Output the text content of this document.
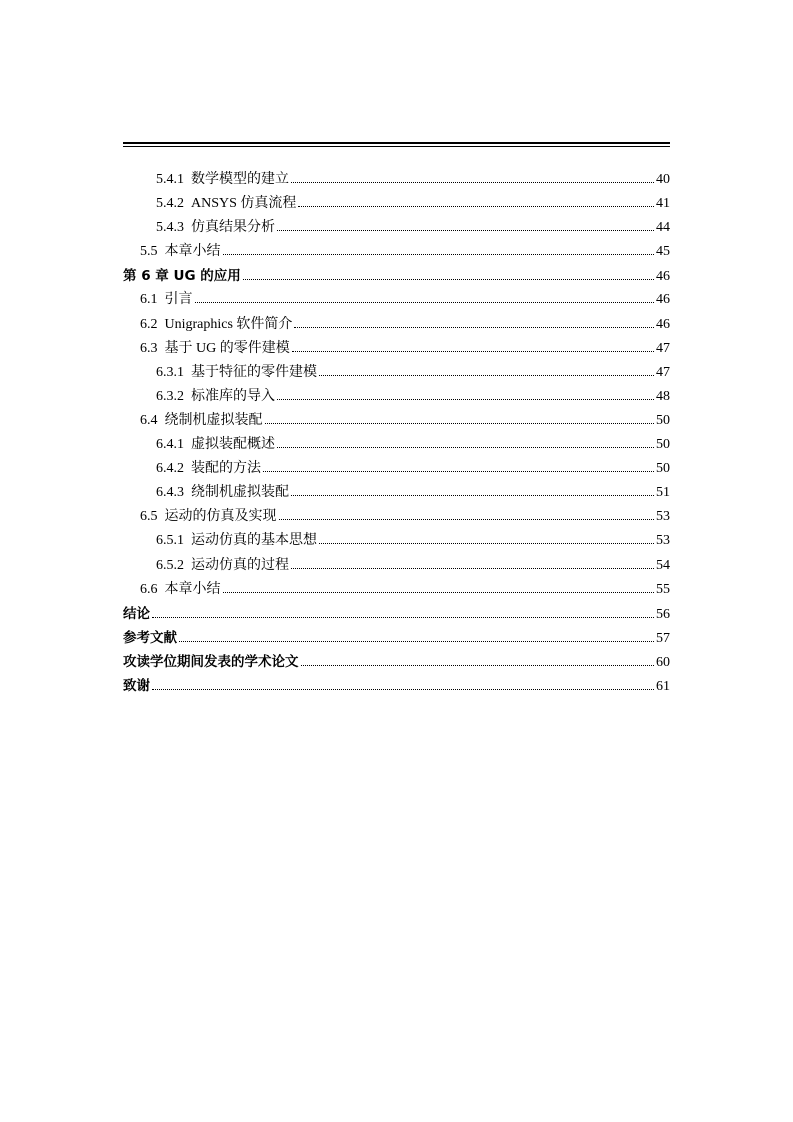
5.4.1 数学模型的建立	40
5.4.2 ANSYS 仿真流程	41
5.4.3 仿真结果分析	44
5.5 本章小结	45
第 6 章 UG 的应用	46
6.1 引言	46
6.2 Unigraphics 软件简介	46
6.3 基于 UG 的零件建模	47
6.3.1 基于特征的零件建模	47
6.3.2 标准库的导入	48
6.4 绕制机虚拟装配	50
6.4.1 虚拟装配概述	50
6.4.2 装配的方法	50
6.4.3 绕制机虚拟装配	51
6.5 运动的仿真及实现	53
6.5.1 运动仿真的基本思想	53
6.5.2 运动仿真的过程	54
6.6 本章小结	55
结论	56
参考文献	57
攻读学位期间发表的学术论文	60
致谢	61
